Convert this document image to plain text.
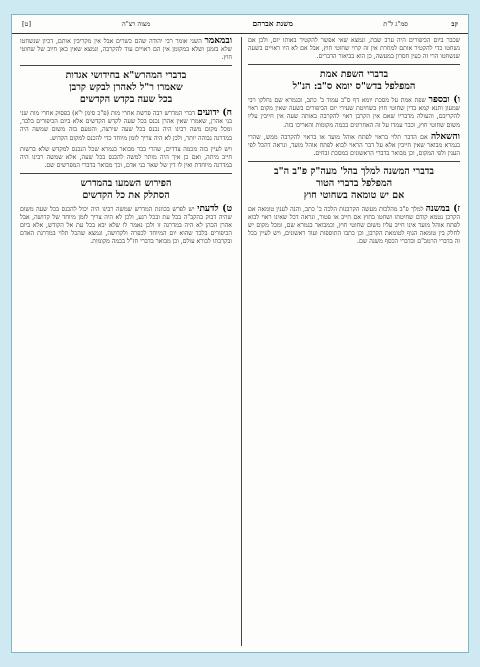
קב
סמ"ג ל"ת
משנת אברהם
מצוה רצ"ה
[ט]

שכבר ביום הכיפורים היה ערב שבת, ונמצא שאי אפשר להקטיר באותו יום, ולכן אם נשחטו כדי להקטיר אותם למחרת אין זה קרוי שחוטי חוץ, אבל אם לא היו ראויים בשעה שנשחטו הרי זה כעין חסרון במעשה, כן הוא בביאור הדברים.

בדברי השפת אמת
המפלפל בדש"ס יומא ס"ב: הנ"ל

ו) ובספר שפת אמת על מסכת יומא דף ס"ב עמוד ב' כתב, ובגמרא שם נחלקו רבי שמעון ותנא קמא בדין שחוטי חוץ בשחיטת שעירי יום הכיפורים בשעה שאין מקום ראוי להקריבם, והעולה מדבריו שאם אין הקרבן ראוי להקרבה באותה שעה אין חייבין עליו משום שחוטי חוץ, וכבר עמדו על זה האחרונים בכמה מקומות והאריכו בזה.

והשאלה אם הדבר תלוי בראוי לפתח אוהל מועד או בראוי להקרבה ממש, שהרי בגמרא מבואר שאין חייבין אלא על דבר הראוי לבוא לפתח אוהל מועד, ונראה דהכל לפי הענין ולפי המקום, וכן מבואר בדברי הראשונים במסכת זבחים.

בדברי המשנה למלך בהל' מעה"ק פ"ב ה"ב
המפלפל בדברי הטור
אם יש טומאה בשחוטי חוץ

ז) במשנה למלך פ"ב מהלכות מעשה הקרבנות הלכה ב' כתב, והנה לענין טומאה אם הקרבן נטמא קודם שחיטתו ושחטו בחוץ אם חייב או פטור, ונראה דכל שאינו ראוי לבוא לפתח אוהל מועד אינו חייב עליו משום שחוטי חוץ, וכמבואר בגמרא שם, ומכל מקום יש לחלק בין טומאה הגוף לטומאת הקרבן, וכן כתבו התוספות ועוד ראשונים, ויש לעיין בכל זה בדברי הרמב"ם ובדברי הכסף משנה שם.

ובמאמר השני אומר רבי יהודה שהם כשרים אבל אין מקריבין אותם, דכיון שנשחטו שלא בזמנן ושלא במקומן אין הם ראויים עוד להקרבה, ונמצא שאין כאן חיוב של שחוטי חוץ.

בדברי המהרש"א בחידושי אגדות
שאמרו ר"ל לאהרן לבקש קרבן
בכל שעה בקדש הקדשים

ח) ידועים דברי המדרש רבה פרשת אחרי מות (פ"כ סימן י"א) בפסוק אחרי מות שני בני אהרן, שאמרו שאין אהרן נכנס בכל שעה לקדש הקדשים אלא ביום הכיפורים בלבד, ומכל מקום משה רבינו היה נכנס בכל שעה שירצה, והטעם בזה משום שמשה היה במדרגה גבוהה יותר, ולכן לא היה צריך לזמן מיוחד כדי להכנס למקום הקדוש.

ויש לעיין בזה מכמה צדדים, שהרי כבר מבואר בגמרא שכל הנכנס למקדש שלא ברשות חייב מיתה, ואם כן איך היה מותר למשה להכנס בכל שעה, אלא שמשה רבינו היה במדרגה מיוחדת ואין לו דין של שאר בני אדם, וכך מבואר בדברי המפרשים שם.

הפירוש השמעו בהמדרש
הסתלק את כל הקדשים

ט) לדעתי יש לפרש בכוונת המדרש שמשה רבינו היה יכול להכנס בכל שעה משום שהיה דבוק בהקב"ה בכל עת ובכל רגע, ולכן לא היה צריך לזמן מיוחד של קדושה, אבל אהרן הכהן לא היה במדרגה זו ולכן נאמר לו שלא יבא בכל עת אל הקודש, אלא ביום הכיפורים בלבד שהוא יום המיוחד לכפרה ולקדושה, ונמצא שהכל תלוי במדרגת האדם ובקרבתו לבורא עולם, וכן מבואר בדברי חז"ל בכמה מקומות.
